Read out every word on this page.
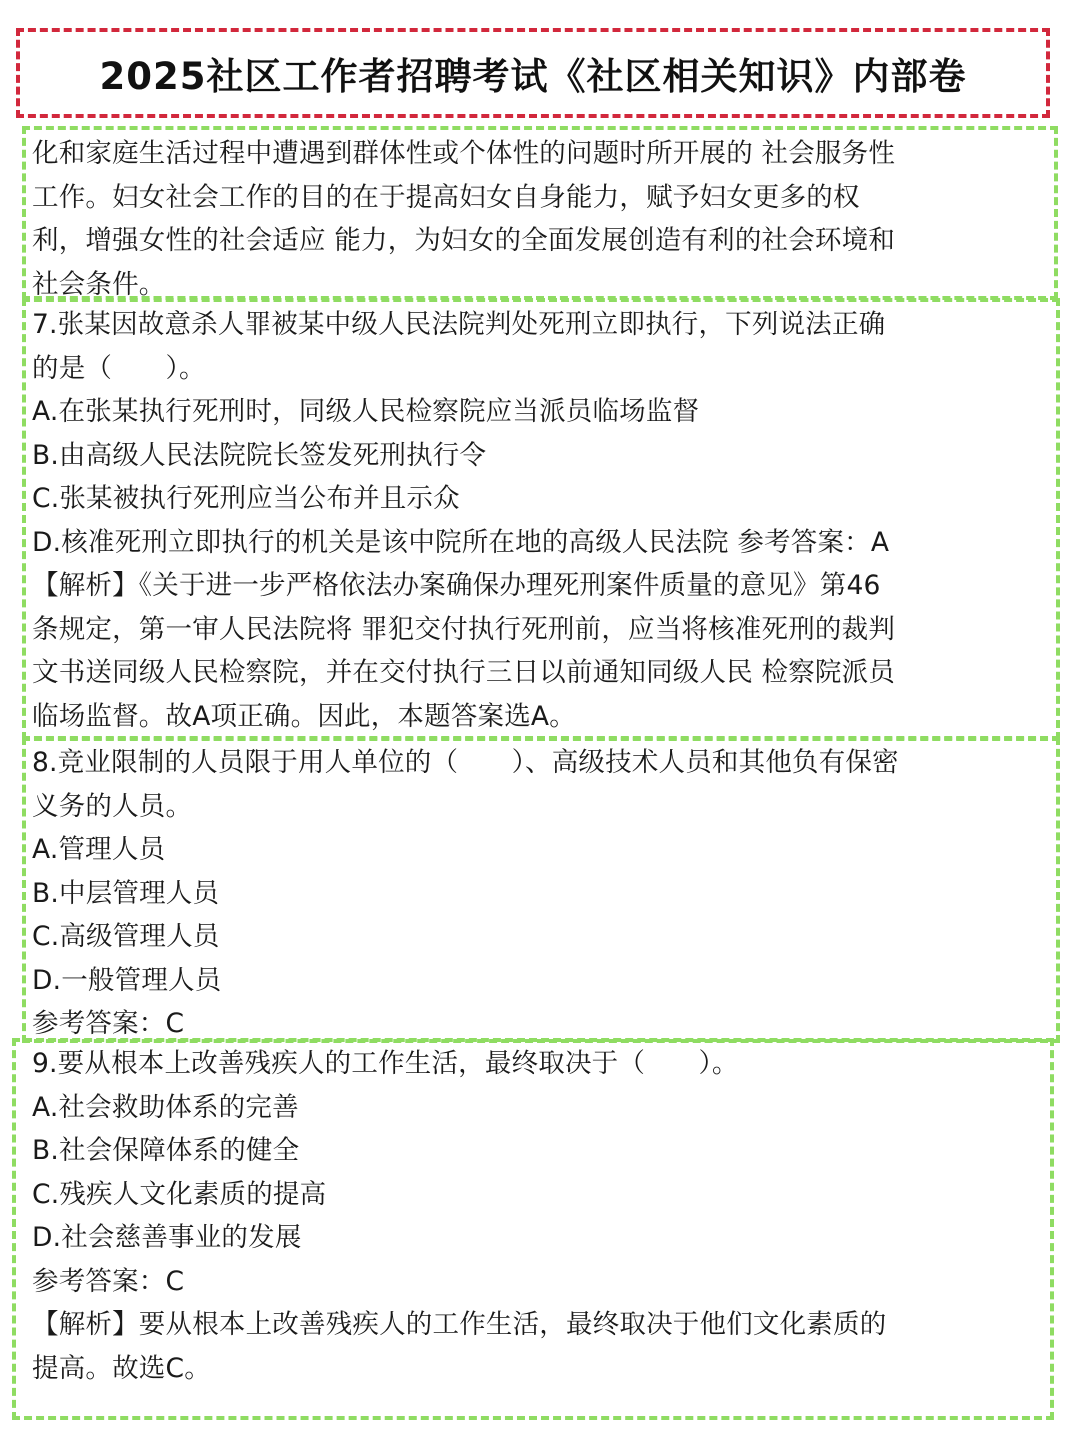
2025社区工作者招聘考试《社区相关知识》内部卷
化和家庭生活过程中遭遇到群体性或个体性的问题时所开展的 社会服务性
工作。妇女社会工作的目的在于提高妇女自身能力，赋予妇女更多的权
利，增强女性的社会适应 能力，为妇女的全面发展创造有利的社会环境和
社会条件。
7.张某因故意杀人罪被某中级人民法院判处死刑立即执行，下列说法正确
的是（　　）。
A.在张某执行死刑时，同级人民检察院应当派员临场监督
B.由高级人民法院院长签发死刑执行令
C.张某被执行死刑应当公布并且示众
D.核准死刑立即执行的机关是该中院所在地的高级人民法院 参考答案：A
【解析】《关于进一步严格依法办案确保办理死刑案件质量的意见》第46
条规定，第一审人民法院将 罪犯交付执行死刑前，应当将核准死刑的裁判
文书送同级人民检察院，并在交付执行三日以前通知同级人民 检察院派员
临场监督。故A项正确。因此，本题答案选A。
8.竞业限制的人员限于用人单位的（　　）、高级技术人员和其他负有保密
义务的人员。
A.管理人员
B.中层管理人员
C.高级管理人员
D.一般管理人员
参考答案：C
9.要从根本上改善残疾人的工作生活，最终取决于（　　）。
A.社会救助体系的完善
B.社会保障体系的健全
C.残疾人文化素质的提高
D.社会慈善事业的发展
参考答案：C
【解析】要从根本上改善残疾人的工作生活，最终取决于他们文化素质的
提高。故选C。
